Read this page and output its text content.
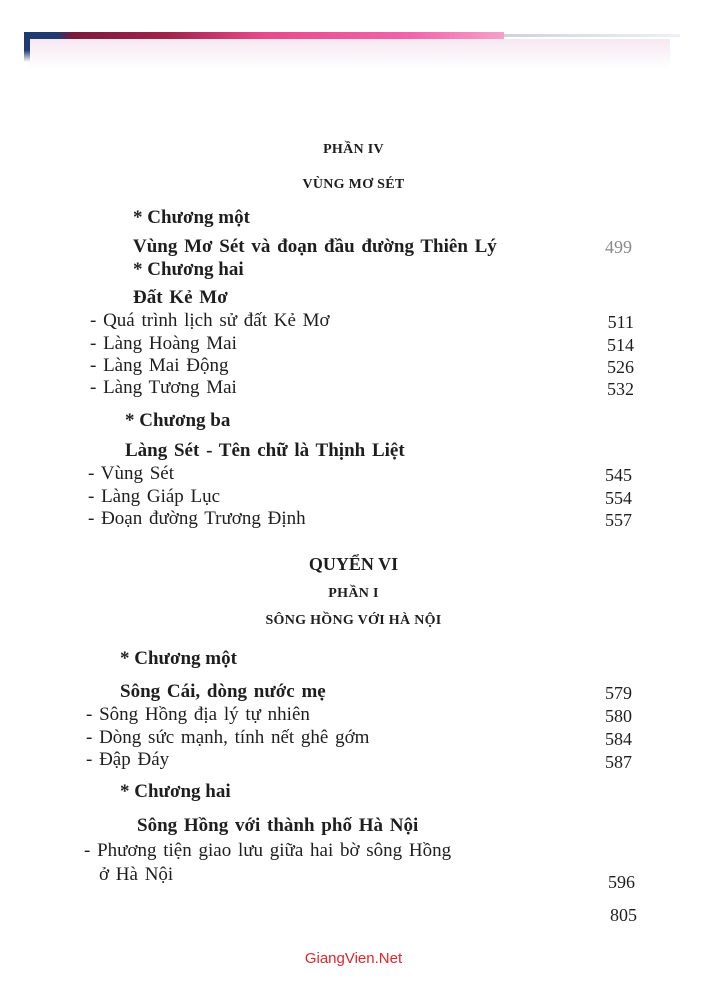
PHẦN IV
VÙNG MƠ SÉT
* Chương một
Vùng Mơ Sét và đoạn đầu đường Thiên Lý	499
* Chương hai
Đất Kẻ Mơ
- Quá trình lịch sử đất Kẻ Mơ	511
- Làng Hoàng Mai	514
- Làng Mai Động	526
- Làng Tương Mai	532
* Chương ba
Làng Sét - Tên chữ là Thịnh Liệt
- Vùng Sét	545
- Làng Giáp Lục	554
- Đoạn đường Trương Định	557
QUYỂN VI
PHẦN I
SÔNG HỒNG VỚI HÀ NỘI
* Chương một
Sông Cái, dòng nước mẹ	579
- Sông Hồng địa lý tự nhiên	580
- Dòng sức mạnh, tính nết ghê gớm	584
- Đập Đáy	587
* Chương hai
Sông Hồng với thành phố Hà Nội
- Phương tiện giao lưu giữa hai bờ sông Hồng
ở Hà Nội	596
805
GiangVien.Net
